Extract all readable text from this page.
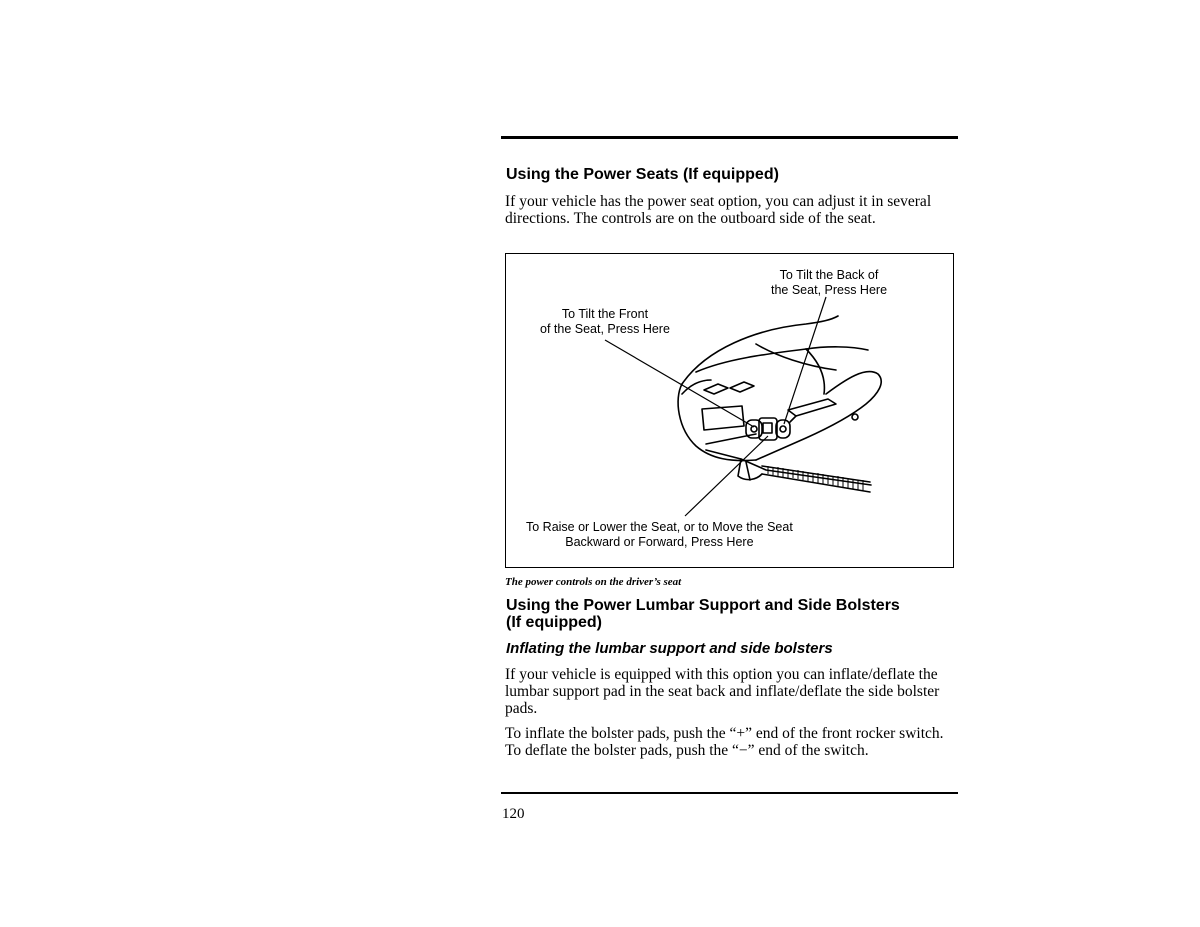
Using the Power Seats (If equipped)

If your vehicle has the power seat option, you can adjust it in several directions. The controls are on the outboard side of the seat.

To Tilt the Back of
the Seat, Press Here
To Tilt the Front
of the Seat, Press Here
To Raise or Lower the Seat, or to Move the Seat
Backward or Forward, Press Here

The power controls on the driver’s seat

Using the Power Lumbar Support and Side Bolsters
(If equipped)
Inflating the lumbar support and side bolsters

If your vehicle is equipped with this option you can inflate/deflate the lumbar support pad in the seat back and inflate/deflate the side bolster pads.

To inflate the bolster pads, push the “+” end of the front rocker switch. To deflate the bolster pads, push the “−” end of the switch.

120
